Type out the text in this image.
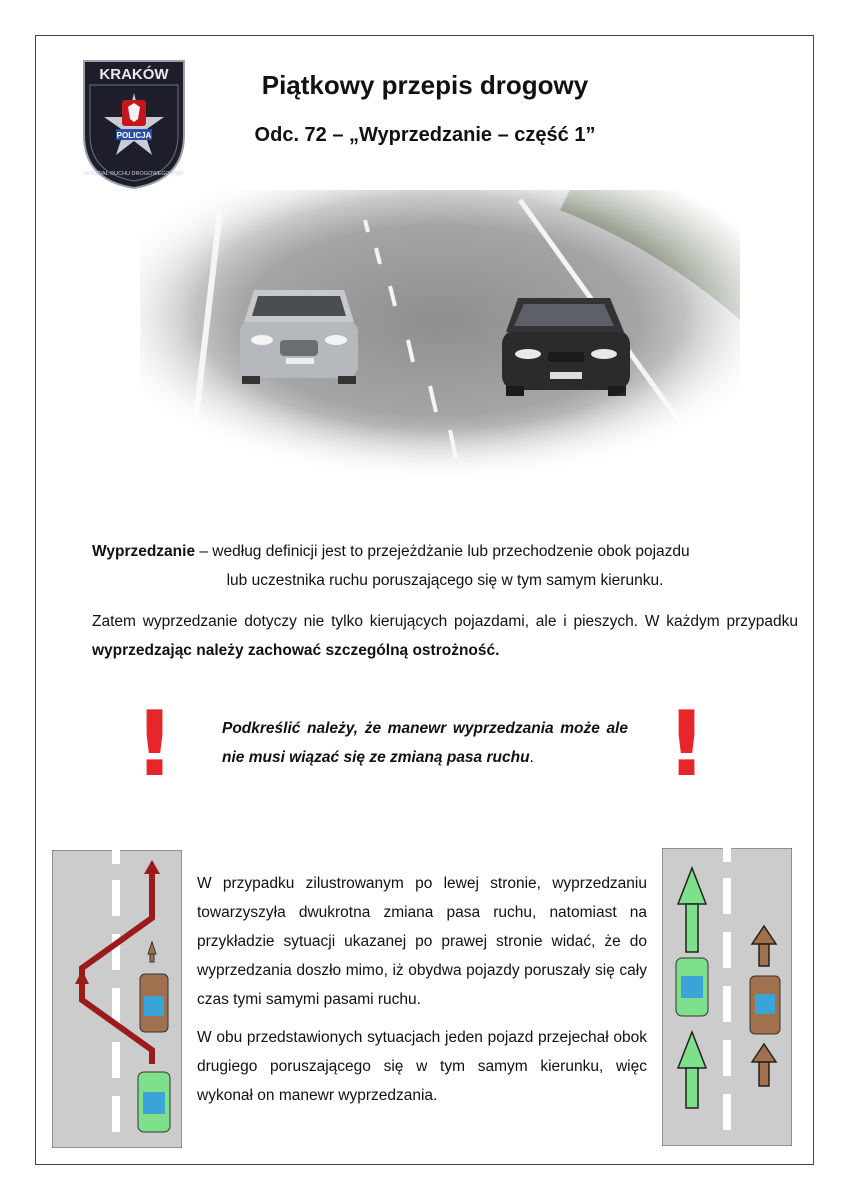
KRAKÓW
POLICJA
WYDZIAŁ RUCHU DROGOWEGO KWP
Piątkowy przepis drogowy
Odc. 72 – „Wyprzedzanie – część 1”
Wyprzedzanie – według definicji jest to przejeżdżanie lub przechodzenie obok pojazdu
lub uczestnika ruchu poruszającego się w tym samym kierunku.
Zatem wyprzedzanie dotyczy nie tylko kierujących pojazdami, ale i pieszych. W każdym przypadku wyprzedzając należy zachować szczególną ostrożność.
!	Podkreślić należy, że manewr wyprzedzania może ale nie musi wiązać się ze zmianą pasa ruchu.	!
W przypadku zilustrowanym po lewej stronie, wyprzedzaniu towarzyszyła dwukrotna zmiana pasa ruchu, natomiast na przykładzie sytuacji ukazanej po prawej stronie widać, że do wyprzedzania doszło mimo, iż obydwa pojazdy poruszały się cały czas tymi samymi pasami ruchu.
W obu przedstawionych sytuacjach jeden pojazd przejechał obok drugiego poruszającego się w tym samym kierunku, więc wykonał on manewr wyprzedzania.
